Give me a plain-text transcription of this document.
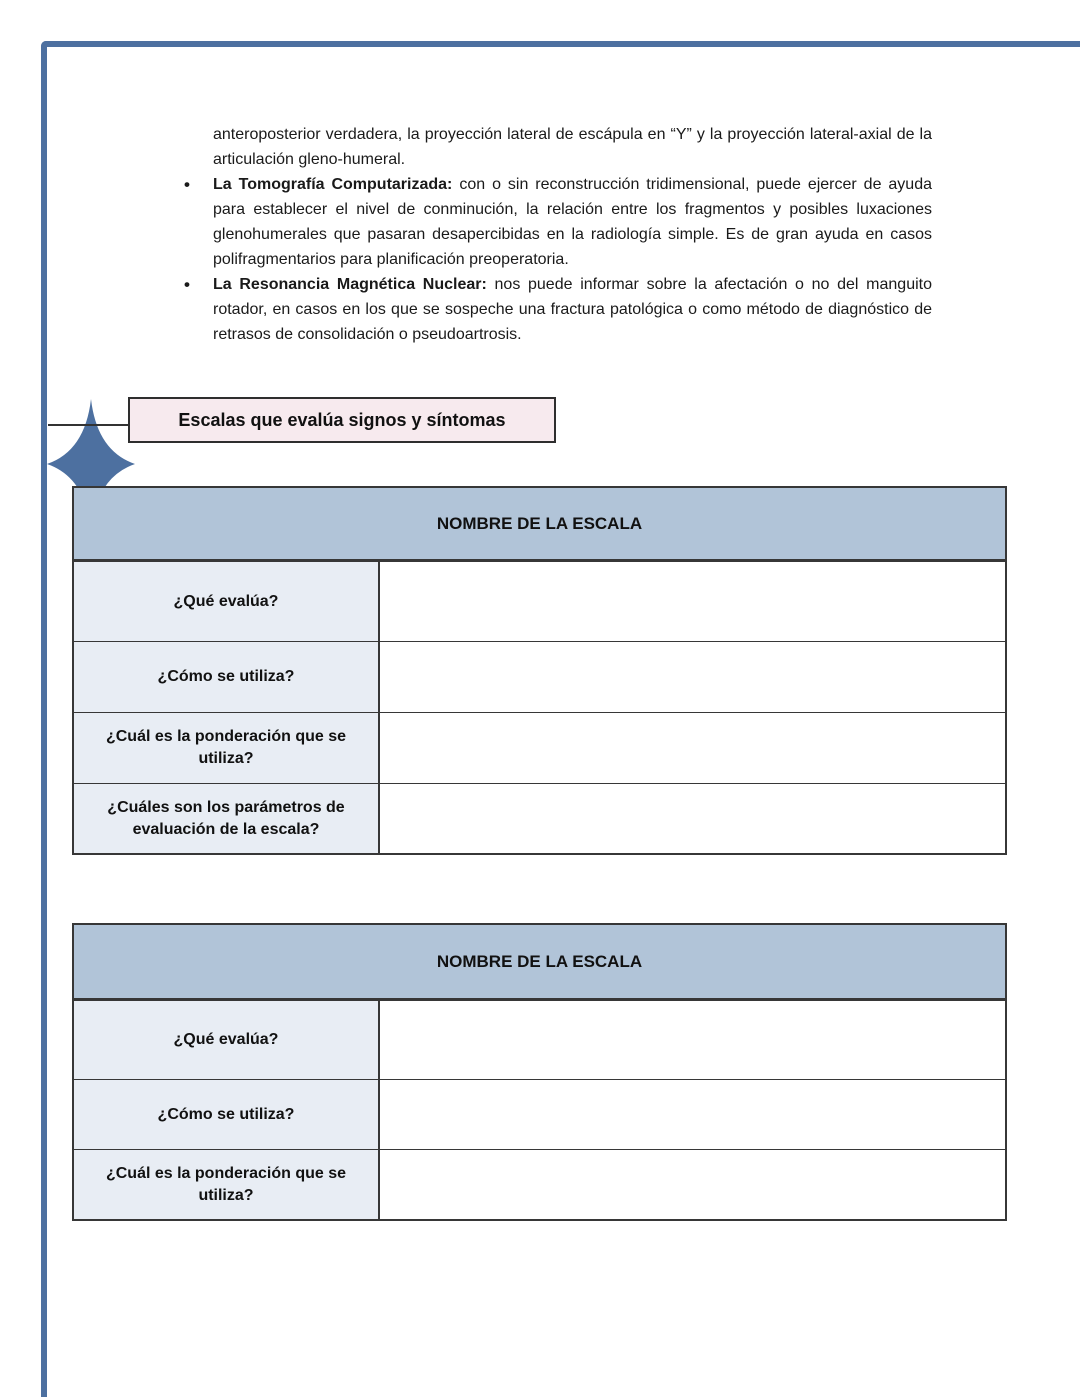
anteroposterior verdadera, la proyección lateral de escápula en “Y” y la proyección lateral-axial de la articulación gleno-humeral.

• La Tomografía Computarizada: con o sin reconstrucción tridimensional, puede ejercer de ayuda para establecer el nivel de conminución, la relación entre los fragmentos y posibles luxaciones glenohumerales que pasaran desapercibidas en la radiología simple. Es de gran ayuda en casos polifragmentarios para planificación preoperatoria.
• La Resonancia Magnética Nuclear: nos puede informar sobre la afectación o no del manguito rotador, en casos en los que se sospeche una fractura patológica o como método de diagnóstico de retrasos de consolidación o pseudoartrosis.
Escalas que evalúa signos y síntomas
NOMBRE DE LA ESCALA
¿Qué evalúa?
¿Cómo se utiliza?
¿Cuál es la ponderación que se utiliza?
¿Cuáles son los parámetros de evaluación de la escala?
NOMBRE DE LA ESCALA
¿Qué evalúa?
¿Cómo se utiliza?
¿Cuál es la ponderación que se utiliza?
